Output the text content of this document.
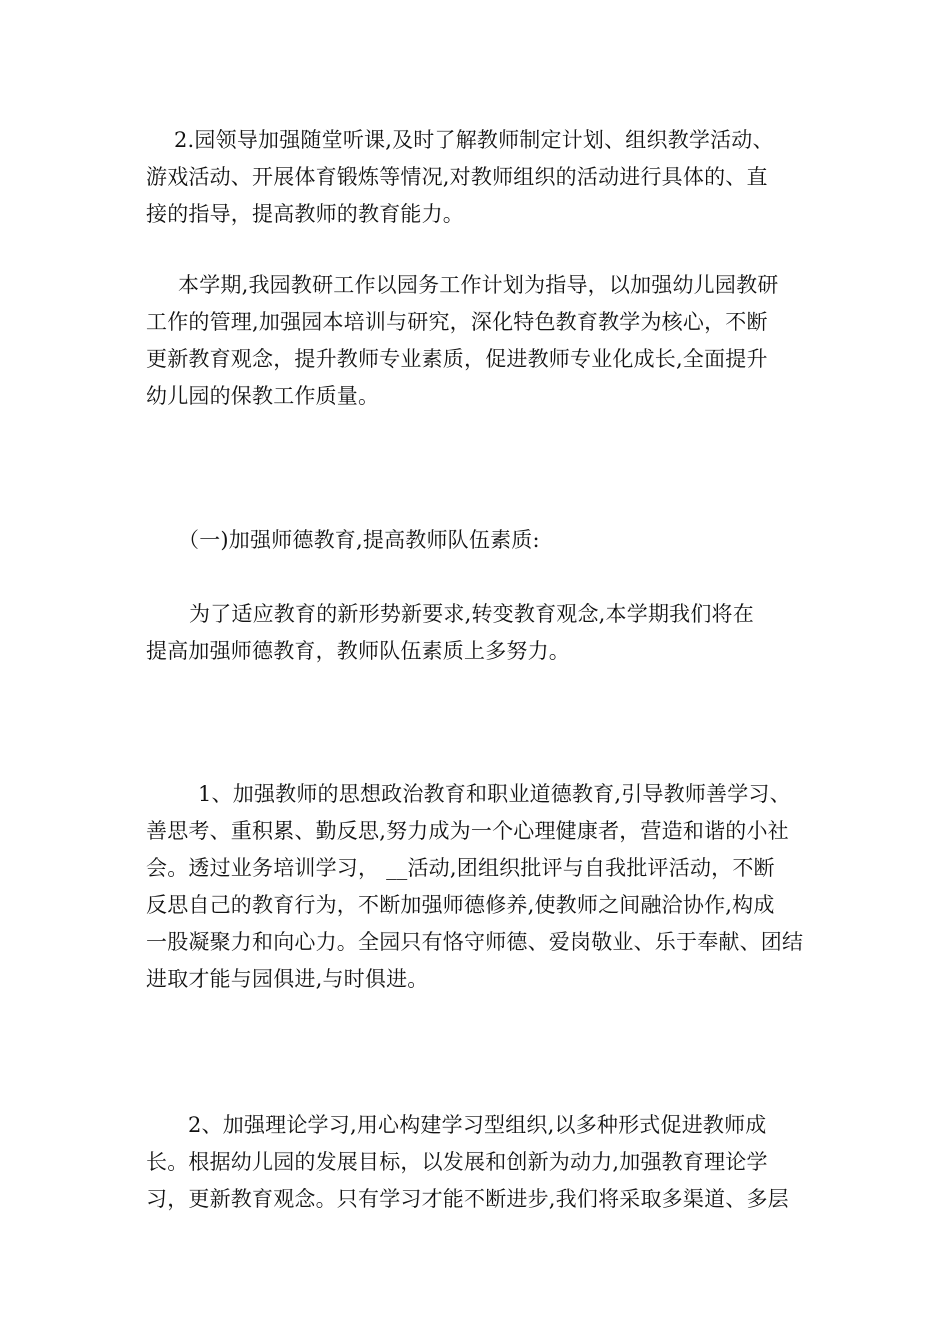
2.园领导加强随堂听课,及时了解教师制定计划、组织教学活动、
游戏活动、开展体育锻炼等情况,对教师组织的活动进行具体的、直
接的指导，提高教师的教育能力。
本学期,我园教研工作以园务工作计划为指导，以加强幼儿园教研
工作的管理,加强园本培训与研究，深化特色教育教学为核心，不断
更新教育观念，提升教师专业素质，促进教师专业化成长,全面提升
幼儿园的保教工作质量。
（一)加强师德教育,提高教师队伍素质:
为了适应教育的新形势新要求,转变教育观念,本学期我们将在
提高加强师德教育，教师队伍素质上多努力。
1、加强教师的思想政治教育和职业道德教育,引导教师善学习、
善思考、重积累、勤反思,努力成为一个心理健康者，营造和谐的小社
会。透过业务培训学习， __活动,团组织批评与自我批评活动，不断
反思自己的教育行为，不断加强师德修养,使教师之间融洽协作,构成
一股凝聚力和向心力。全园只有恪守师德、爱岗敬业、乐于奉献、团结
进取才能与园俱进,与时俱进。
2、加强理论学习,用心构建学习型组织,以多种形式促进教师成
长。根据幼儿园的发展目标，以发展和创新为动力,加强教育理论学
习，更新教育观念。只有学习才能不断进步,我们将采取多渠道、多层
